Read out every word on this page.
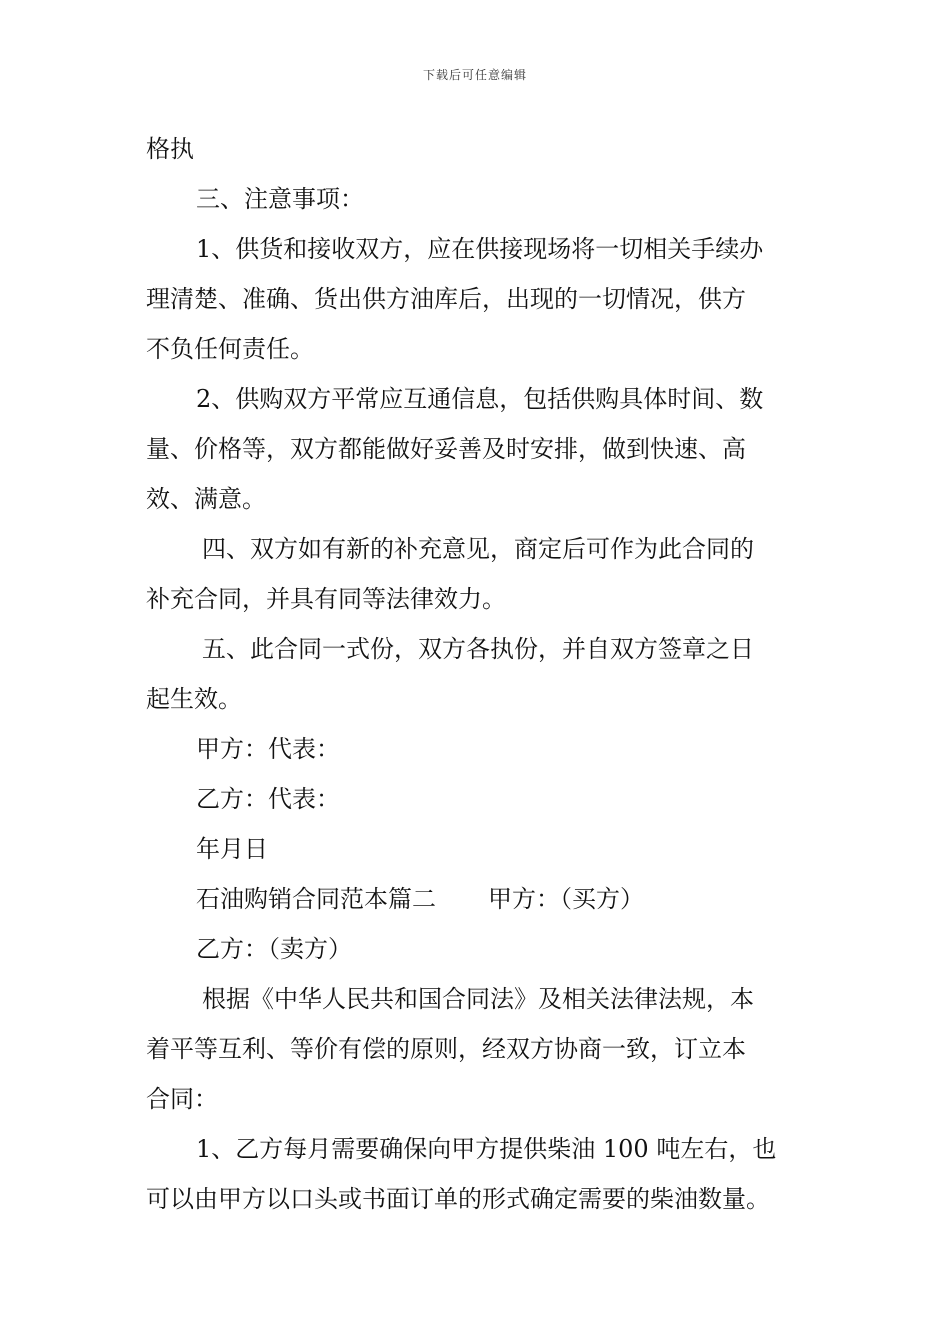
下载后可任意编辑
格执
三、注意事项：
1、供货和接收双方，应在供接现场将一切相关手续办
理清楚、准确、货出供方油库后，出现的一切情况，供方
不负任何责任。
2、供购双方平常应互通信息，包括供购具体时间、数
量、价格等，双方都能做好妥善及时安排，做到快速、高
效、满意。
四、双方如有新的补充意见，商定后可作为此合同的
补充合同，并具有同等法律效力。
五、此合同一式份，双方各执份，并自双方签章之日
起生效。
甲方：代表：
乙方：代表：
年月日
石油购销合同范本篇二 甲方：（买方）
乙方：（卖方）
根据《中华人民共和国合同法》及相关法律法规，本
着平等互利、等价有偿的原则，经双方协商一致，订立本
合同：
1、乙方每月需要确保向甲方提供柴油 100 吨左右，也
可以由甲方以口头或书面订单的形式确定需要的柴油数量。
